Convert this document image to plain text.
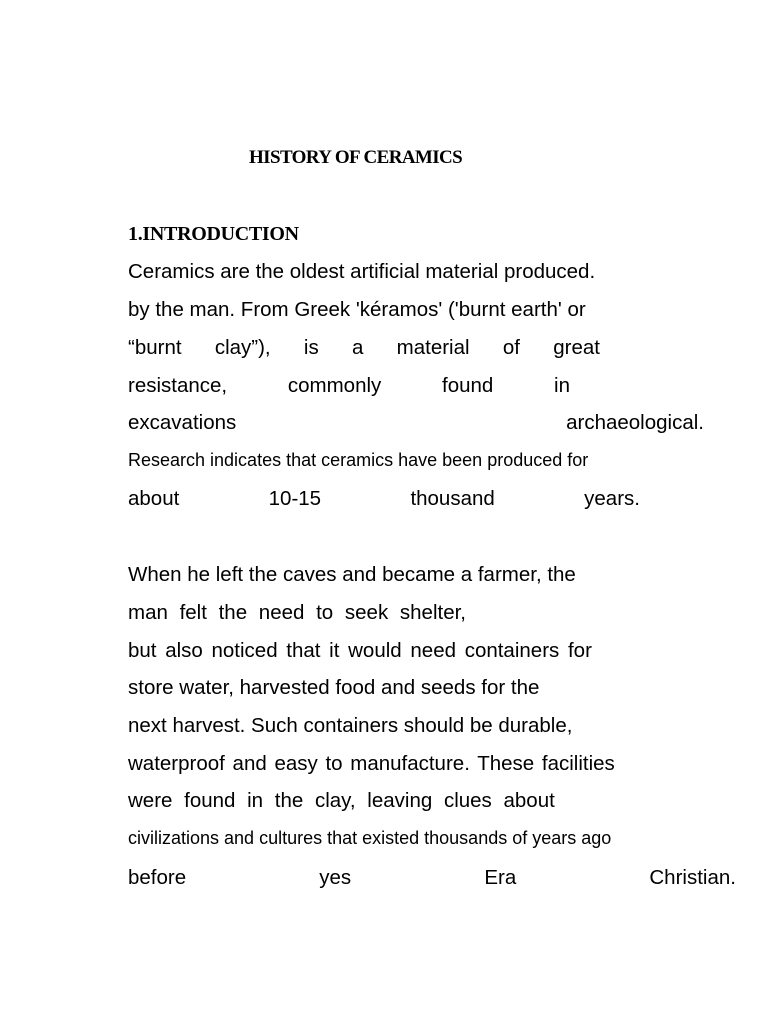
HISTORY OF CERAMICS
1.INTRODUCTION
Ceramics are the oldest artificial material produced.
by the man. From Greek 'kéramos' ('burnt earth' or
“burnt clay”), is a material of great
resistance,	commonly	found	in
excavations	archaeological.
Research indicates that ceramics have been produced for
about	10-15	thousand	years.
When he left the caves and became a farmer, the
man felt the need to seek shelter,
but also noticed that it would need containers for
store water, harvested food and seeds for the
next harvest. Such containers should be durable,
waterproof and easy to manufacture. These facilities
were found in the clay, leaving clues about
civilizations and cultures that existed thousands of years ago
before	yes	Era	Christian.
